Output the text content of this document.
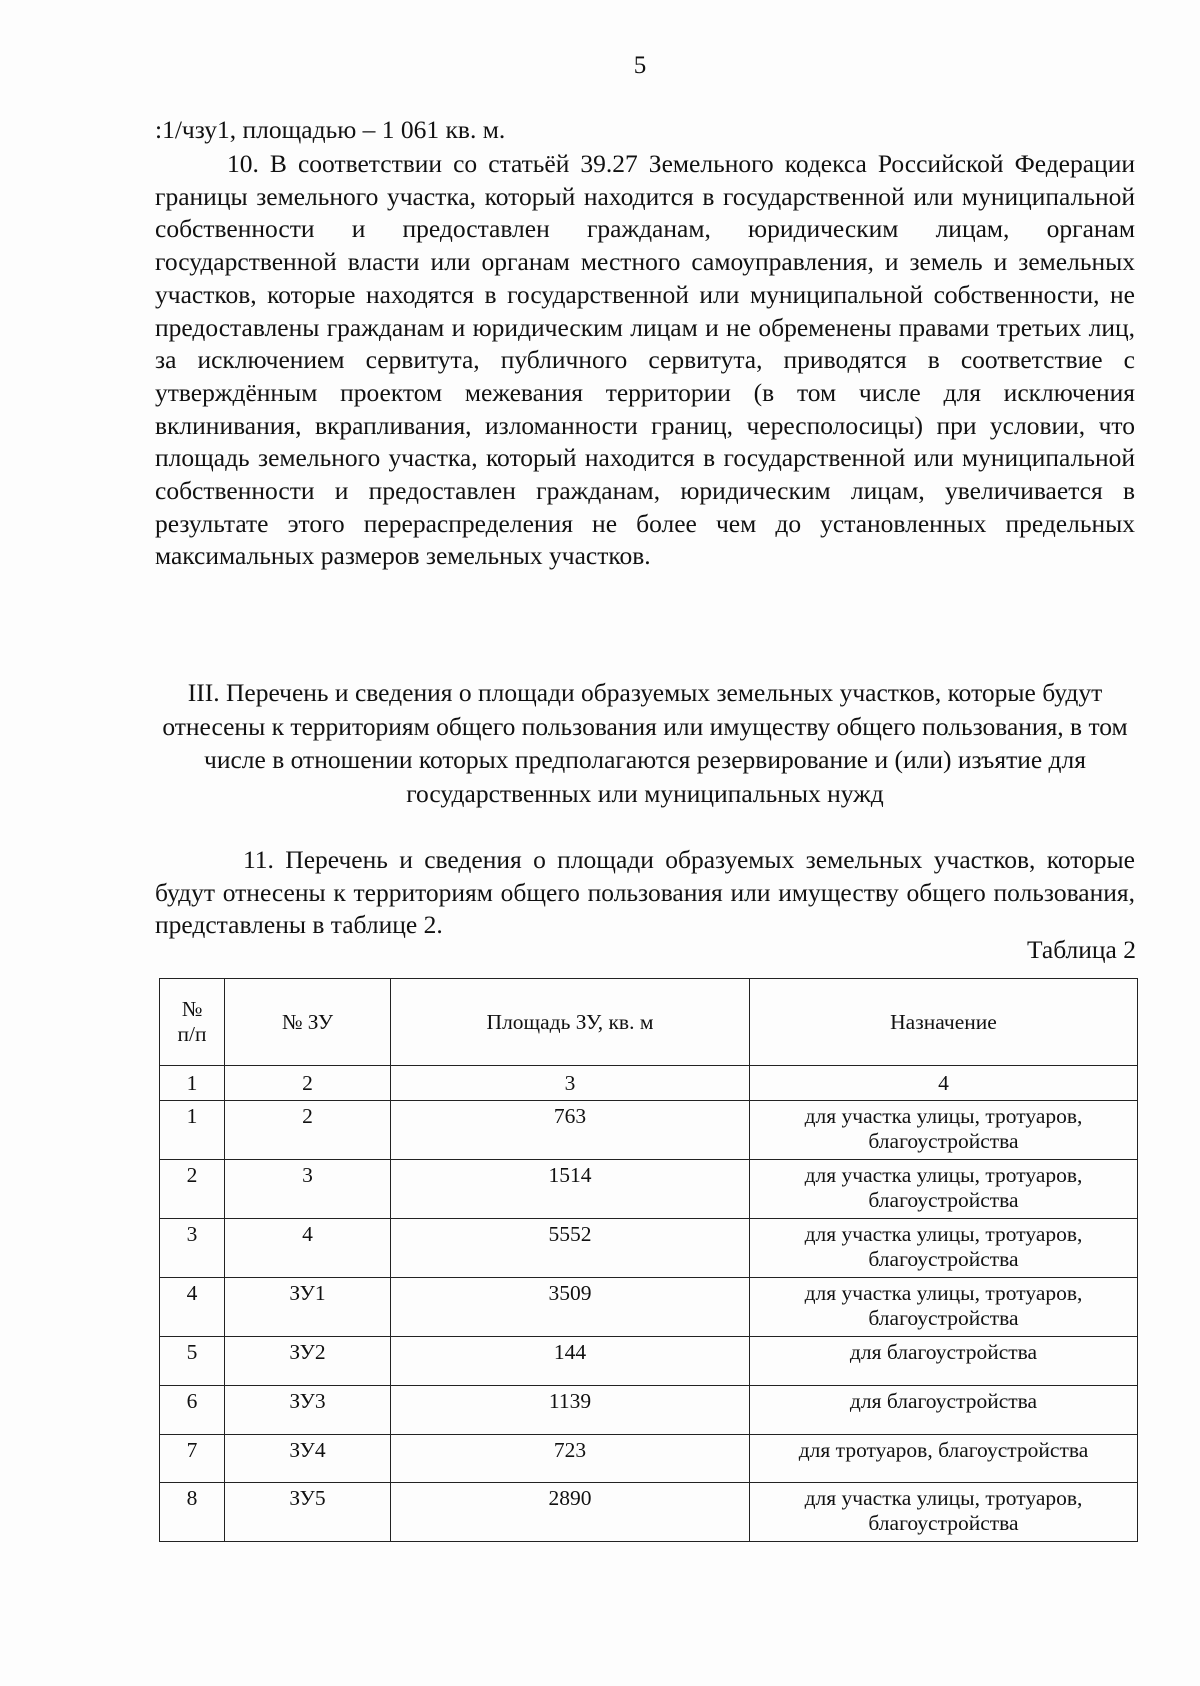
5
:1/чзу1, площадью – 1 061 кв. м.
10. В соответствии со статьёй 39.27 Земельного кодекса Российской Федерации границы земельного участка, который находится в государственной или муниципальной собственности и предоставлен гражданам, юридическим лицам, органам государственной власти или органам местного самоуправления, и земель и земельных участков, которые находятся в государственной или муниципальной собственности, не предоставлены гражданам и юридическим лицам и не обременены правами третьих лиц, за исключением сервитута, публичного сервитута, приводятся в соответствие с утверждённым проектом межевания территории (в том числе для исключения вклинивания, вкрапливания, изломанности границ, чересполосицы) при условии, что площадь земельного участка, который находится в государственной или муниципальной собственности и предоставлен гражданам, юридическим лицам, увеличивается в результате этого перераспределения не более чем до установленных предельных максимальных размеров земельных участков.
III. Перечень и сведения о площади образуемых земельных участков, которые будут отнесены к территориям общего пользования или имуществу общего пользования, в том числе в отношении которых предполагаются резервирование и (или) изъятие для государственных или муниципальных нужд
11. Перечень и сведения о площади образуемых земельных участков, которые будут отнесены к территориям общего пользования или имуществу общего пользования, представлены в таблице 2.
Таблица 2
№
п/п	№ ЗУ	Площадь ЗУ, кв. м	Назначение
1	2	3	4
1	2	763	для участка улицы, тротуаров, благоустройства
2	3	1514	для участка улицы, тротуаров, благоустройства
3	4	5552	для участка улицы, тротуаров, благоустройства
4	ЗУ1	3509	для участка улицы, тротуаров, благоустройства
5	ЗУ2	144	для благоустройства
6	ЗУ3	1139	для благоустройства
7	ЗУ4	723	для тротуаров, благоустройства
8	ЗУ5	2890	для участка улицы, тротуаров, благоустройства
